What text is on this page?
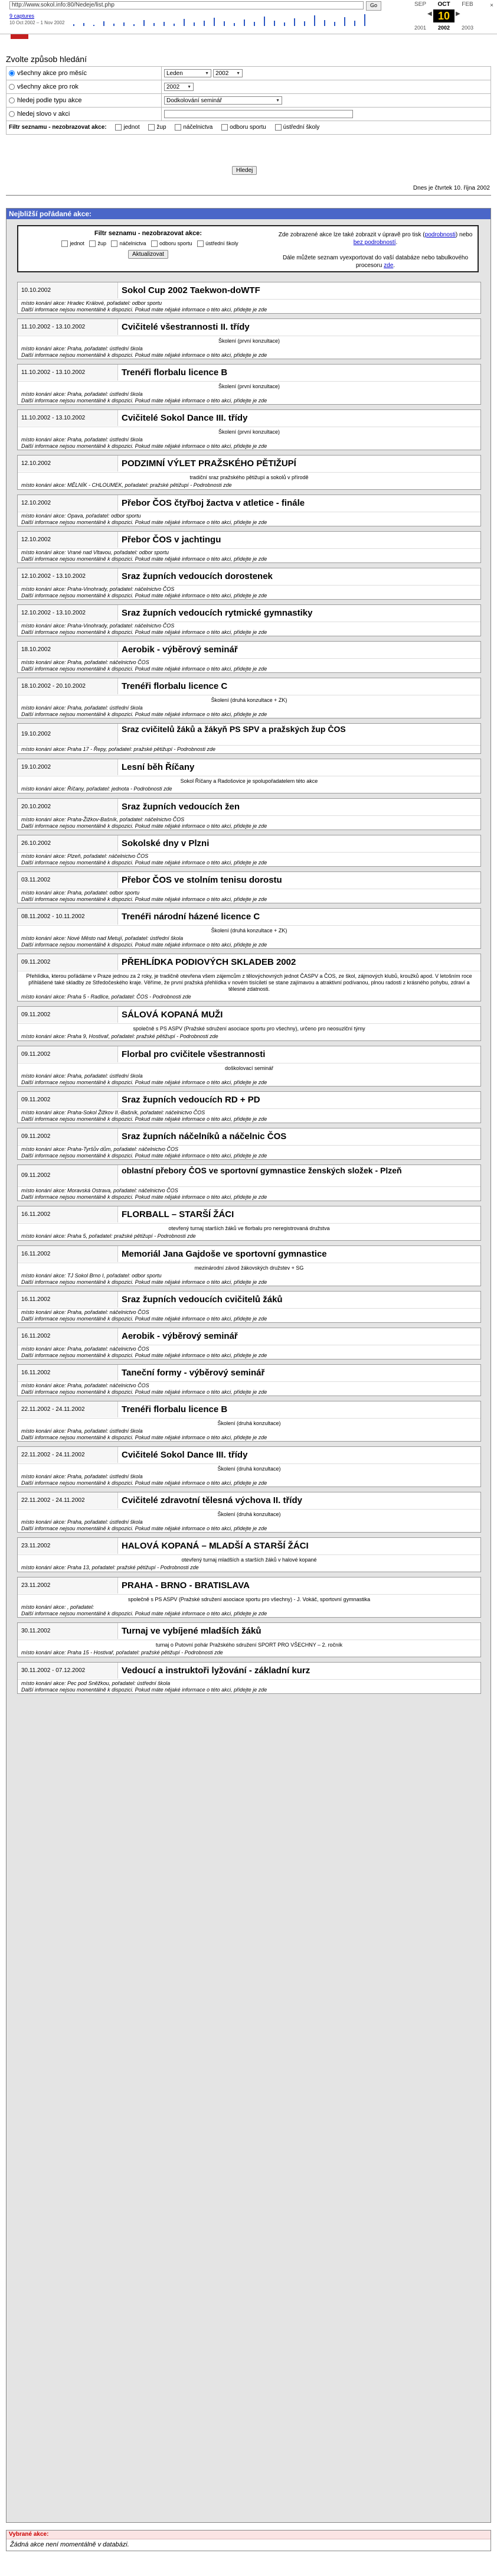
http://www.sokol.info:80/Nedeje/list.php	Go
9 captures
10 Oct 2002 – 1 Nov 2002
SEP	OCT	FEB
◀ 10 ▶
2001	2002	2003
×
Zvolte způsob hledání
všechny akce pro měsíc	Leden ▼ 2002 ▼

všechny akce pro rok	2002 ▼

hledej podle typu akce	Dodkolování seminář ▼

hledej slovo v akci	
Filtr seznamu - nezobrazovat akce: jednot žup náčelnictva odboru sportu ústřední školy	
Hledej
Dnes je čtvrtek 10. října 2002
Nejbližší pořádané akce:
Filtr seznamu - nezobrazovat akce:
jednot	žup	náčelnictva	odboru sportu	ústřední školy
Aktualizovat
Zde zobrazené akce lze také zobrazit v úpravě pro tisk (podrobnosti) nebo bez podrobností.

Dále můžete seznam vyexportovat do vaší databáze nebo tabulkového procesoru zde.
10.10.2002	Sokol Cup 2002 Taekwon-doWTF
místo konání akce: Hradec Králové, pořadatel: odbor sportu
Další informace nejsou momentálně k dispozici. Pokud máte nějaké informace o této akci, přidejte je zde
11.10.2002 - 13.10.2002	Cvičitelé všestrannosti II. třídy
Školení (první konzultace)
místo konání akce: Praha, pořadatel: ústřední škola
Další informace nejsou momentálně k dispozici. Pokud máte nějaké informace o této akci, přidejte je zde
11.10.2002 - 13.10.2002	Trenéři florbalu licence B
Školení (první konzultace)
místo konání akce: Praha, pořadatel: ústřední škola
Další informace nejsou momentálně k dispozici. Pokud máte nějaké informace o této akci, přidejte je zde
11.10.2002 - 13.10.2002	Cvičitelé Sokol Dance III. třídy
Školení (první konzultace)
místo konání akce: Praha, pořadatel: ústřední škola
Další informace nejsou momentálně k dispozici. Pokud máte nějaké informace o této akci, přidejte je zde
12.10.2002	PODZIMNÍ VÝLET PRAŽSKÉHO PĚTIŽUPÍ
tradiční sraz pražského pětižupí a sokolů v přírodě
místo konání akce: MĚLNÍK - CHLOUMEK, pořadatel: pražské pětižupí - Podrobnosti zde
12.10.2002	Přebor ČOS čtyřboj žactva v atletice - finále
místo konání akce: Opava, pořadatel: odbor sportu
Další informace nejsou momentálně k dispozici. Pokud máte nějaké informace o této akci, přidejte je zde
12.10.2002	Přebor ČOS v jachtingu
místo konání akce: Vrané nad Vltavou, pořadatel: odbor sportu
Další informace nejsou momentálně k dispozici. Pokud máte nějaké informace o této akci, přidejte je zde
12.10.2002 - 13.10.2002	Sraz župních vedoucích dorostenek
místo konání akce: Praha-Vinohrady, pořadatel: náčelnictvo ČOS
Další informace nejsou momentálně k dispozici. Pokud máte nějaké informace o této akci, přidejte je zde
12.10.2002 - 13.10.2002	Sraz župních vedoucích rytmické gymnastiky
místo konání akce: Praha-Vinohrady, pořadatel: náčelnictvo ČOS
Další informace nejsou momentálně k dispozici. Pokud máte nějaké informace o této akci, přidejte je zde
18.10.2002	Aerobik - výběrový seminář
místo konání akce: Praha, pořadatel: náčelnictvo ČOS
Další informace nejsou momentálně k dispozici. Pokud máte nějaké informace o této akci, přidejte je zde
18.10.2002 - 20.10.2002	Trenéři florbalu licence C
Školení (druhá konzultace + ZK)
místo konání akce: Praha, pořadatel: ústřední škola
Další informace nejsou momentálně k dispozici. Pokud máte nějaké informace o této akci, přidejte je zde
19.10.2002
Sraz cvičitelů žáků a žákyň PS SPV a pražských žup ČOS
místo konání akce: Praha 17 - Řepy, pořadatel: pražské pětižupí - Podrobnosti zde
19.10.2002	Lesní běh Říčany
Sokol Říčany a Radošovice je spolupořadatelem této akce
místo konání akce: Říčany, pořadatel: jednota - Podrobnosti zde
20.10.2002	Sraz župních vedoucích žen
místo konání akce: Praha-Žižkov-Bašník, pořadatel: náčelnictvo ČOS
Další informace nejsou momentálně k dispozici. Pokud máte nějaké informace o této akci, přidejte je zde
26.10.2002	Sokolské dny v Plzni
místo konání akce: Plzeň, pořadatel: náčelnictvo ČOS
Další informace nejsou momentálně k dispozici. Pokud máte nějaké informace o této akci, přidejte je zde
03.11.2002	Přebor ČOS ve stolním tenisu dorostu
místo konání akce: Praha, pořadatel: odbor sportu
Další informace nejsou momentálně k dispozici. Pokud máte nějaké informace o této akci, přidejte je zde
08.11.2002 - 10.11.2002	Trenéři národní házené licence C
Školení (druhá konzultace + ZK)
místo konání akce: Nové Město nad Metují, pořadatel: ústřední škola
Další informace nejsou momentálně k dispozici. Pokud máte nějaké informace o této akci, přidejte je zde
09.11.2002	PŘEHLÍDKA PODIOVÝCH SKLADEB 2002
Přehlídka, kterou pořádáme v Praze jednou za 2 roky, je tradičně otevřena všem zájemcům z tělovýchovných jednot ČASPV a ČOS, ze škol, zájmových klubů, kroužků apod. V letošním roce přihlášené také skladby ze Středočeského kraje. Věříme, že první pražská přehlídka v novém tisíciletí se stane zajímavou a atraktivní podívanou, plnou radosti z krásného pohybu, zdraví a tělesné zdatnosti.
místo konání akce: Praha 5 - Radlice, pořadatel: ČOS - Podrobnosti zde
09.11.2002	SÁLOVÁ KOPANÁ MUŽI
společně s PS ASPV (Pražské sdružení asociace sportu pro všechny), určeno pro neosuzlční týmy
místo konání akce: Praha 9, Hostivař, pořadatel: pražské pětižupí - Podrobnosti zde
09.11.2002	Florbal pro cvičitele všestrannosti
doškolovací seminář
místo konání akce: Praha, pořadatel: ústřední škola
Další informace nejsou momentálně k dispozici. Pokud máte nějaké informace o této akci, přidejte je zde
09.11.2002	Sraz župních vedoucích RD + PD
místo konání akce: Praha-Sokol Žižkov II.-Bašník, pořadatel: náčelnictvo ČOS
Další informace nejsou momentálně k dispozici. Pokud máte nějaké informace o této akci, přidejte je zde
09.11.2002	Sraz župních náčelníků a náčelnic ČOS
místo konání akce: Praha-Tyršův dům, pořadatel: náčelnictvo ČOS
Další informace nejsou momentálně k dispozici. Pokud máte nějaké informace o této akci, přidejte je zde
09.11.2002
oblastní přebory ČOS ve sportovní gymnastice ženských složek - Plzeň
místo konání akce: Moravská Ostrava, pořadatel: náčelnictvo ČOS
Další informace nejsou momentálně k dispozici. Pokud máte nějaké informace o této akci, přidejte je zde
16.11.2002	FLORBALL – STARŠÍ ŽÁCI
otevřený turnaj starších žáků ve florbalu pro neregistrovaná družstva
místo konání akce: Praha 5, pořadatel: pražské pětižupí - Podrobnosti zde
16.11.2002	Memoriál Jana Gajdoše ve sportovní gymnastice
mezinárodní závod žákovských družstev + SG
místo konání akce: TJ Sokol Brno I, pořadatel: odbor sportu
Další informace nejsou momentálně k dispozici. Pokud máte nějaké informace o této akci, přidejte je zde
16.11.2002	Sraz župních vedoucích cvičitelů žáků
místo konání akce: Praha, pořadatel: náčelnictvo ČOS
Další informace nejsou momentálně k dispozici. Pokud máte nějaké informace o této akci, přidejte je zde
16.11.2002	Aerobik - výběrový seminář
místo konání akce: Praha, pořadatel: náčelnictvo ČOS
Další informace nejsou momentálně k dispozici. Pokud máte nějaké informace o této akci, přidejte je zde
16.11.2002	Taneční formy - výběrový seminář
místo konání akce: Praha, pořadatel: náčelnictvo ČOS
Další informace nejsou momentálně k dispozici. Pokud máte nějaké informace o této akci, přidejte je zde
22.11.2002 - 24.11.2002	Trenéři florbalu licence B
Školení (druhá konzultace)
místo konání akce: Praha, pořadatel: ústřední škola
Další informace nejsou momentálně k dispozici. Pokud máte nějaké informace o této akci, přidejte je zde
22.11.2002 - 24.11.2002	Cvičitelé Sokol Dance III. třídy
Školení (druhá konzultace)
místo konání akce: Praha, pořadatel: ústřední škola
Další informace nejsou momentálně k dispozici. Pokud máte nějaké informace o této akci, přidejte je zde
22.11.2002 - 24.11.2002	Cvičitelé zdravotní tělesná výchova II. třídy
Školení (druhá konzultace)
místo konání akce: Praha, pořadatel: ústřední škola
Další informace nejsou momentálně k dispozici. Pokud máte nějaké informace o této akci, přidejte je zde
23.11.2002	HALOVÁ KOPANÁ – MLADŠÍ A STARŠÍ ŽÁCI
otevřený turnaj mladších a starších žáků v halové kopané
místo konání akce: Praha 13, pořadatel: pražské pětižupí - Podrobnosti zde
23.11.2002	PRAHA - BRNO - BRATISLAVA
společně s PS ASPV (Pražské sdružení asociace sportu pro všechny) - J. Vokáč, sportovní gymnastika
místo konání akce: , pořadatel:
Další informace nejsou momentálně k dispozici. Pokud máte nějaké informace o této akci, přidejte je zde
30.11.2002	Turnaj ve vybíjené mladších žáků
turnaj o Putovní pohár Pražského sdružení SPORT PRO VŠECHNY – 2. ročník
místo konání akce: Praha 15 - Hostivař, pořadatel: pražské pětižupí - Podrobnosti zde
30.11.2002 - 07.12.2002	Vedoucí a instruktoři lyžování - základní kurz
místo konání akce: Pec pod Sněžkou, pořadatel: ústřední škola
Další informace nejsou momentálně k dispozici. Pokud máte nějaké informace o této akci, přidejte je zde
Vybrané akce:
Žádná akce není momentálně v databázi.
